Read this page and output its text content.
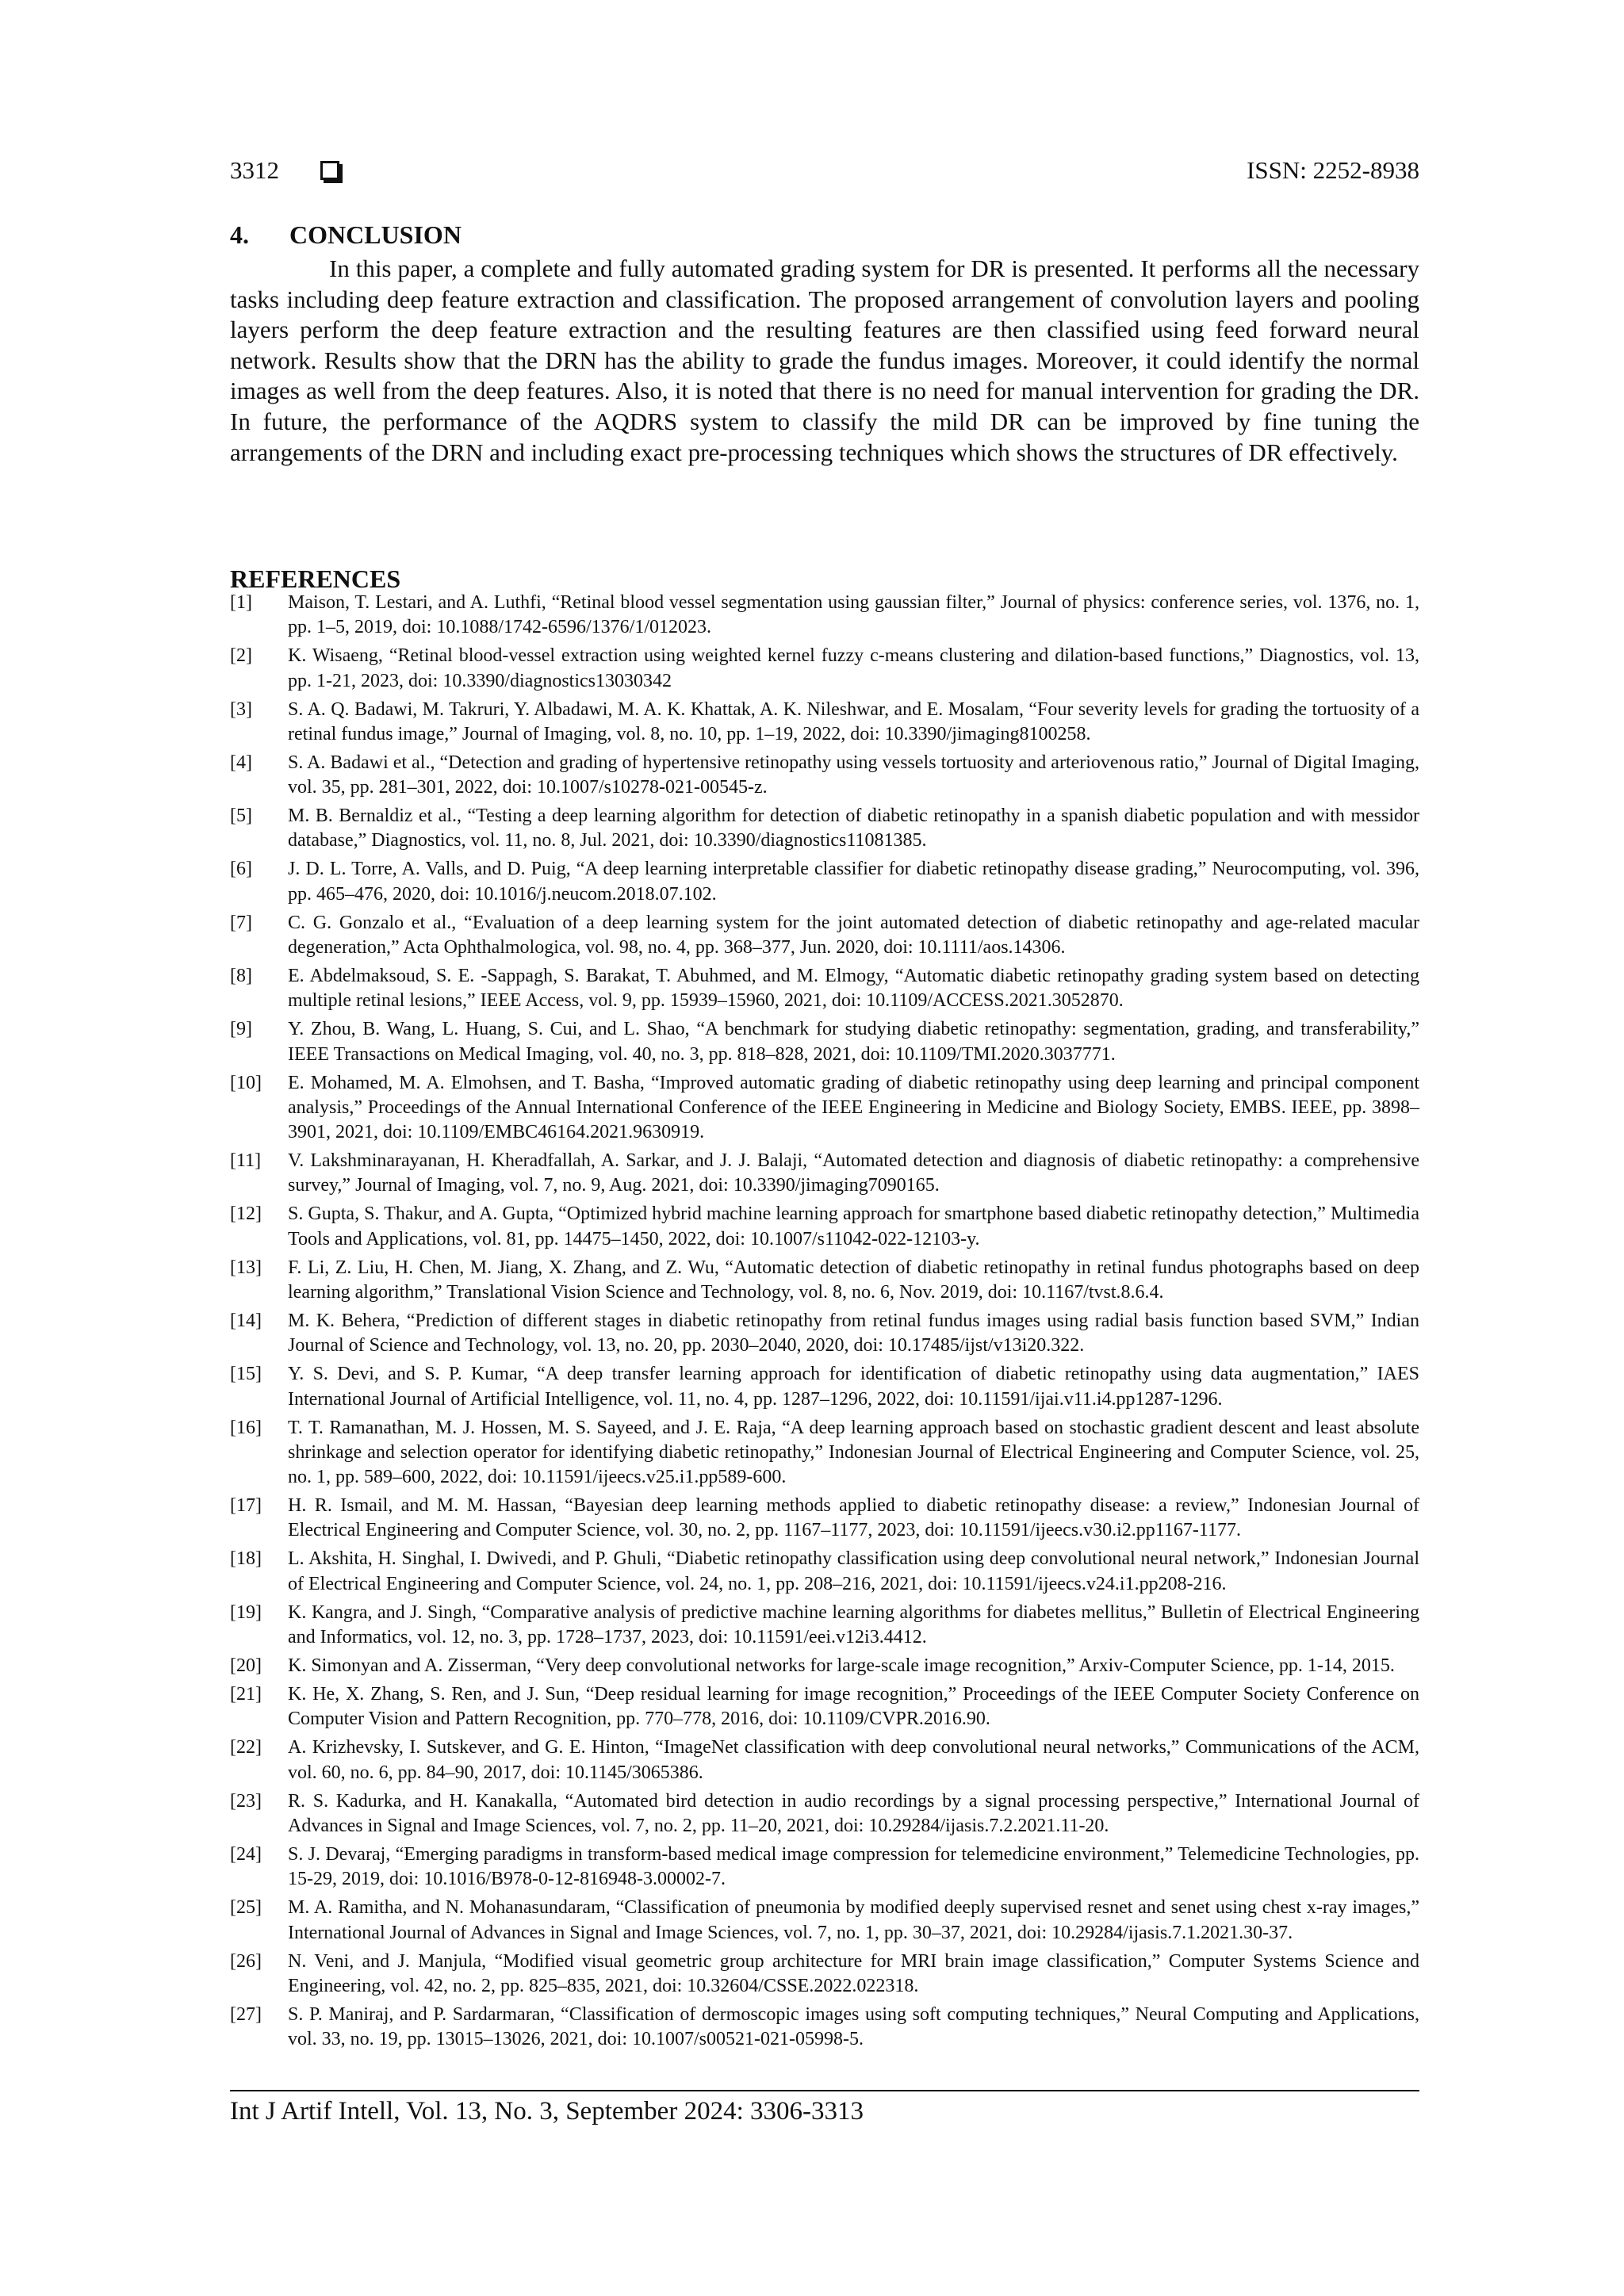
3312	ISSN: 2252-8938
4. CONCLUSION

In this paper, a complete and fully automated grading system for DR is presented. It performs all the necessary tasks including deep feature extraction and classification. The proposed arrangement of convolution layers and pooling layers perform the deep feature extraction and the resulting features are then classified using feed forward neural network. Results show that the DRN has the ability to grade the fundus images. Moreover, it could identify the normal images as well from the deep features. Also, it is noted that there is no need for manual intervention for grading the DR. In future, the performance of the AQDRS system to classify the mild DR can be improved by fine tuning the arrangements of the DRN and including exact pre-processing techniques which shows the structures of DR effectively.

REFERENCES
[1]	Maison, T. Lestari, and A. Luthfi, “Retinal blood vessel segmentation using gaussian filter,” Journal of physics: conference series, vol. 1376, no. 1, pp. 1–5, 2019, doi: 10.1088/1742-6596/1376/1/012023.
[2]	K. Wisaeng, “Retinal blood-vessel extraction using weighted kernel fuzzy c-means clustering and dilation-based functions,” Diagnostics, vol. 13, pp. 1-21, 2023, doi: 10.3390/diagnostics13030342
[3]	S. A. Q. Badawi, M. Takruri, Y. Albadawi, M. A. K. Khattak, A. K. Nileshwar, and E. Mosalam, “Four severity levels for grading the tortuosity of a retinal fundus image,” Journal of Imaging, vol. 8, no. 10, pp. 1–19, 2022, doi: 10.3390/jimaging8100258.
[4]	S. A. Badawi et al., “Detection and grading of hypertensive retinopathy using vessels tortuosity and arteriovenous ratio,” Journal of Digital Imaging, vol. 35, pp. 281–301, 2022, doi: 10.1007/s10278-021-00545-z.
[5]	M. B. Bernaldiz et al., “Testing a deep learning algorithm for detection of diabetic retinopathy in a spanish diabetic population and with messidor database,” Diagnostics, vol. 11, no. 8, Jul. 2021, doi: 10.3390/diagnostics11081385.
[6]	J. D. L. Torre, A. Valls, and D. Puig, “A deep learning interpretable classifier for diabetic retinopathy disease grading,” Neurocomputing, vol. 396, pp. 465–476, 2020, doi: 10.1016/j.neucom.2018.07.102.
[7]	C. G. Gonzalo et al., “Evaluation of a deep learning system for the joint automated detection of diabetic retinopathy and age-related macular degeneration,” Acta Ophthalmologica, vol. 98, no. 4, pp. 368–377, Jun. 2020, doi: 10.1111/aos.14306.
[8]	E. Abdelmaksoud, S. E. -Sappagh, S. Barakat, T. Abuhmed, and M. Elmogy, “Automatic diabetic retinopathy grading system based on detecting multiple retinal lesions,” IEEE Access, vol. 9, pp. 15939–15960, 2021, doi: 10.1109/ACCESS.2021.3052870.
[9]	Y. Zhou, B. Wang, L. Huang, S. Cui, and L. Shao, “A benchmark for studying diabetic retinopathy: segmentation, grading, and transferability,” IEEE Transactions on Medical Imaging, vol. 40, no. 3, pp. 818–828, 2021, doi: 10.1109/TMI.2020.3037771.
[10]	E. Mohamed, M. A. Elmohsen, and T. Basha, “Improved automatic grading of diabetic retinopathy using deep learning and principal component analysis,” Proceedings of the Annual International Conference of the IEEE Engineering in Medicine and Biology Society, EMBS. IEEE, pp. 3898–3901, 2021, doi: 10.1109/EMBC46164.2021.9630919.
[11]	V. Lakshminarayanan, H. Kheradfallah, A. Sarkar, and J. J. Balaji, “Automated detection and diagnosis of diabetic retinopathy: a comprehensive survey,” Journal of Imaging, vol. 7, no. 9, Aug. 2021, doi: 10.3390/jimaging7090165.
[12]	S. Gupta, S. Thakur, and A. Gupta, “Optimized hybrid machine learning approach for smartphone based diabetic retinopathy detection,” Multimedia Tools and Applications, vol. 81, pp. 14475–1450, 2022, doi: 10.1007/s11042-022-12103-y.
[13]	F. Li, Z. Liu, H. Chen, M. Jiang, X. Zhang, and Z. Wu, “Automatic detection of diabetic retinopathy in retinal fundus photographs based on deep learning algorithm,” Translational Vision Science and Technology, vol. 8, no. 6, Nov. 2019, doi: 10.1167/tvst.8.6.4.
[14]	M. K. Behera, “Prediction of different stages in diabetic retinopathy from retinal fundus images using radial basis function based SVM,” Indian Journal of Science and Technology, vol. 13, no. 20, pp. 2030–2040, 2020, doi: 10.17485/ijst/v13i20.322.
[15]	Y. S. Devi, and S. P. Kumar, “A deep transfer learning approach for identification of diabetic retinopathy using data augmentation,” IAES International Journal of Artificial Intelligence, vol. 11, no. 4, pp. 1287–1296, 2022, doi: 10.11591/ijai.v11.i4.pp1287-1296.
[16]	T. T. Ramanathan, M. J. Hossen, M. S. Sayeed, and J. E. Raja, “A deep learning approach based on stochastic gradient descent and least absolute shrinkage and selection operator for identifying diabetic retinopathy,” Indonesian Journal of Electrical Engineering and Computer Science, vol. 25, no. 1, pp. 589–600, 2022, doi: 10.11591/ijeecs.v25.i1.pp589-600.
[17]	H. R. Ismail, and M. M. Hassan, “Bayesian deep learning methods applied to diabetic retinopathy disease: a review,” Indonesian Journal of Electrical Engineering and Computer Science, vol. 30, no. 2, pp. 1167–1177, 2023, doi: 10.11591/ijeecs.v30.i2.pp1167-1177.
[18]	L. Akshita, H. Singhal, I. Dwivedi, and P. Ghuli, “Diabetic retinopathy classification using deep convolutional neural network,” Indonesian Journal of Electrical Engineering and Computer Science, vol. 24, no. 1, pp. 208–216, 2021, doi: 10.11591/ijeecs.v24.i1.pp208-216.
[19]	K. Kangra, and J. Singh, “Comparative analysis of predictive machine learning algorithms for diabetes mellitus,” Bulletin of Electrical Engineering and Informatics, vol. 12, no. 3, pp. 1728–1737, 2023, doi: 10.11591/eei.v12i3.4412.
[20]	K. Simonyan and A. Zisserman, “Very deep convolutional networks for large-scale image recognition,” Arxiv-Computer Science, pp. 1-14, 2015.
[21]	K. He, X. Zhang, S. Ren, and J. Sun, “Deep residual learning for image recognition,” Proceedings of the IEEE Computer Society Conference on Computer Vision and Pattern Recognition, pp. 770–778, 2016, doi: 10.1109/CVPR.2016.90.
[22]	A. Krizhevsky, I. Sutskever, and G. E. Hinton, “ImageNet classification with deep convolutional neural networks,” Communications of the ACM, vol. 60, no. 6, pp. 84–90, 2017, doi: 10.1145/3065386.
[23]	R. S. Kadurka, and H. Kanakalla, “Automated bird detection in audio recordings by a signal processing perspective,” International Journal of Advances in Signal and Image Sciences, vol. 7, no. 2, pp. 11–20, 2021, doi: 10.29284/ijasis.7.2.2021.11-20.
[24]	S. J. Devaraj, “Emerging paradigms in transform-based medical image compression for telemedicine environment,” Telemedicine Technologies, pp. 15-29, 2019, doi: 10.1016/B978-0-12-816948-3.00002-7.
[25]	M. A. Ramitha, and N. Mohanasundaram, “Classification of pneumonia by modified deeply supervised resnet and senet using chest x-ray images,” International Journal of Advances in Signal and Image Sciences, vol. 7, no. 1, pp. 30–37, 2021, doi: 10.29284/ijasis.7.1.2021.30-37.
[26]	N. Veni, and J. Manjula, “Modified visual geometric group architecture for MRI brain image classification,” Computer Systems Science and Engineering, vol. 42, no. 2, pp. 825–835, 2021, doi: 10.32604/CSSE.2022.022318.
[27]	S. P. Maniraj, and P. Sardarmaran, “Classification of dermoscopic images using soft computing techniques,” Neural Computing and Applications, vol. 33, no. 19, pp. 13015–13026, 2021, doi: 10.1007/s00521-021-05998-5.
Int J Artif Intell, Vol. 13, No. 3, September 2024: 3306-3313
